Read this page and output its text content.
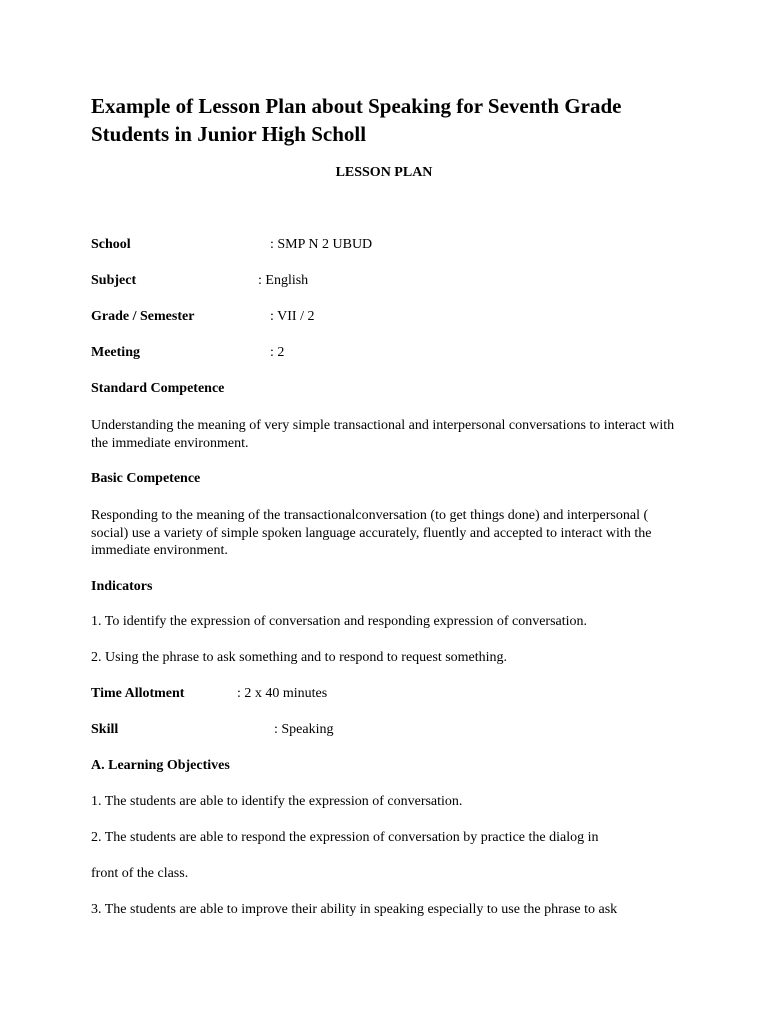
Example of Lesson Plan about Speaking for Seventh Grade Students in Junior High Scholl
LESSON PLAN
School	: SMP N 2 UBUD
Subject	: English
Grade / Semester	: VII / 2
Meeting	: 2
Standard Competence
Understanding the meaning of very simple transactional and interpersonal conversations to interact with the immediate environment.
Basic Competence
Responding to the meaning of the transactionalconversation (to get things done) and interpersonal ( social) use a variety of simple spoken language accurately, fluently and accepted to interact with the immediate environment.
Indicators
1. To identify the expression of conversation and responding expression of conversation.
2. Using the phrase to ask something and to respond to request something.
Time Allotment	: 2 x 40 minutes
Skill	: Speaking
A. Learning Objectives
1. The students are able to identify the expression of conversation.
2. The students are able to respond the expression of conversation by practice the dialog in
front of the class.
3. The students are able to improve their ability in speaking especially to use the phrase to ask
